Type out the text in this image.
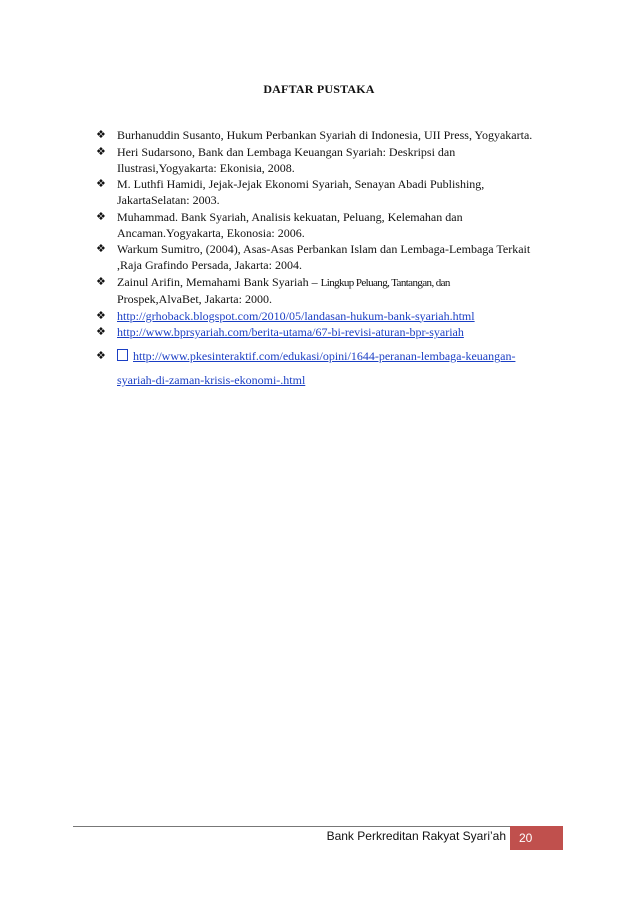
DAFTAR PUSTAKA
❖ Burhanuddin Susanto, Hukum Perbankan Syariah di Indonesia, UII Press, Yogyakarta.
❖ Heri Sudarsono, Bank dan Lembaga Keuangan Syariah: Deskripsi dan Ilustrasi,Yogyakarta: Ekonisia, 2008.
❖ M. Luthfi Hamidi, Jejak-Jejak Ekonomi Syariah, Senayan Abadi Publishing, JakartaSelatan: 2003.
❖ Muhammad. Bank Syariah, Analisis kekuatan, Peluang, Kelemahan dan Ancaman.Yogyakarta, Ekonosia: 2006.
❖ Warkum Sumitro, (2004), Asas-Asas Perbankan Islam dan Lembaga-Lembaga Terkait ,Raja Grafindo Persada, Jakarta: 2004.
❖ Zainul Arifin, Memahami Bank Syariah – Lingkup Peluang, Tantangan, dan
Prospek,AlvaBet, Jakarta: 2000.
❖ http://grhoback.blogspot.com/2010/05/landasan-hukum-bank-syariah.html
❖ http://www.bprsyariah.com/berita-utama/67-bi-revisi-aturan-bpr-syariah
❖ http://www.pkesinteraktif.com/edukasi/opini/1644-peranan-lembaga-keuangan-syariah-di-zaman-krisis-ekonomi-.html
Bank Perkreditan Rakyat Syari’ah	20
